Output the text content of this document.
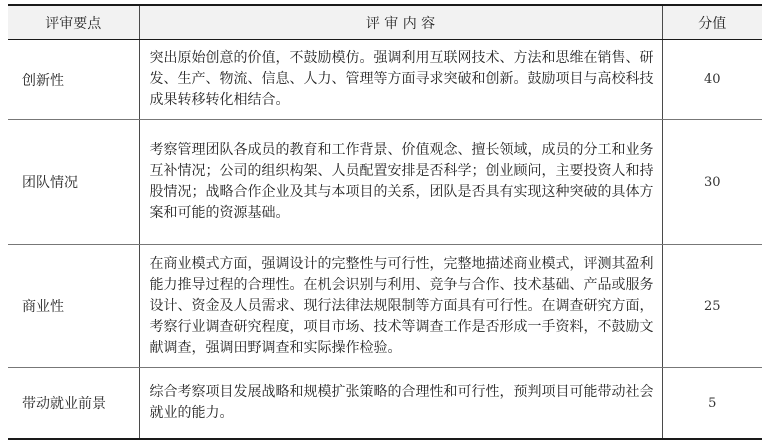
评审要点	评 审 内 容	分值
创新性	突出原始创意的价值，不鼓励模仿。强调利用互联网技术、方法和思维在销售、研发、生产、物流、信息、人力、管理等方面寻求突破和创新。鼓励项目与高校科技成果转移转化相结合。	40
团队情况	考察管理团队各成员的教育和工作背景、价值观念、擅长领域，成员的分工和业务互补情况；公司的组织构架、人员配置安排是否科学；创业顾问，主要投资人和持股情况；战略合作企业及其与本项目的关系，团队是否具有实现这种突破的具体方案和可能的资源基础。	30
商业性	在商业模式方面，强调设计的完整性与可行性，完整地描述商业模式，评测其盈利能力推导过程的合理性。在机会识别与利用、竞争与合作、技术基础、产品或服务设计、资金及人员需求、现行法律法规限制等方面具有可行性。在调查研究方面，考察行业调查研究程度，项目市场、技术等调查工作是否形成一手资料，不鼓励文献调查，强调田野调查和实际操作检验。	25
带动就业前景	综合考察项目发展战略和规模扩张策略的合理性和可行性，预判项目可能带动社会就业的能力。	5
